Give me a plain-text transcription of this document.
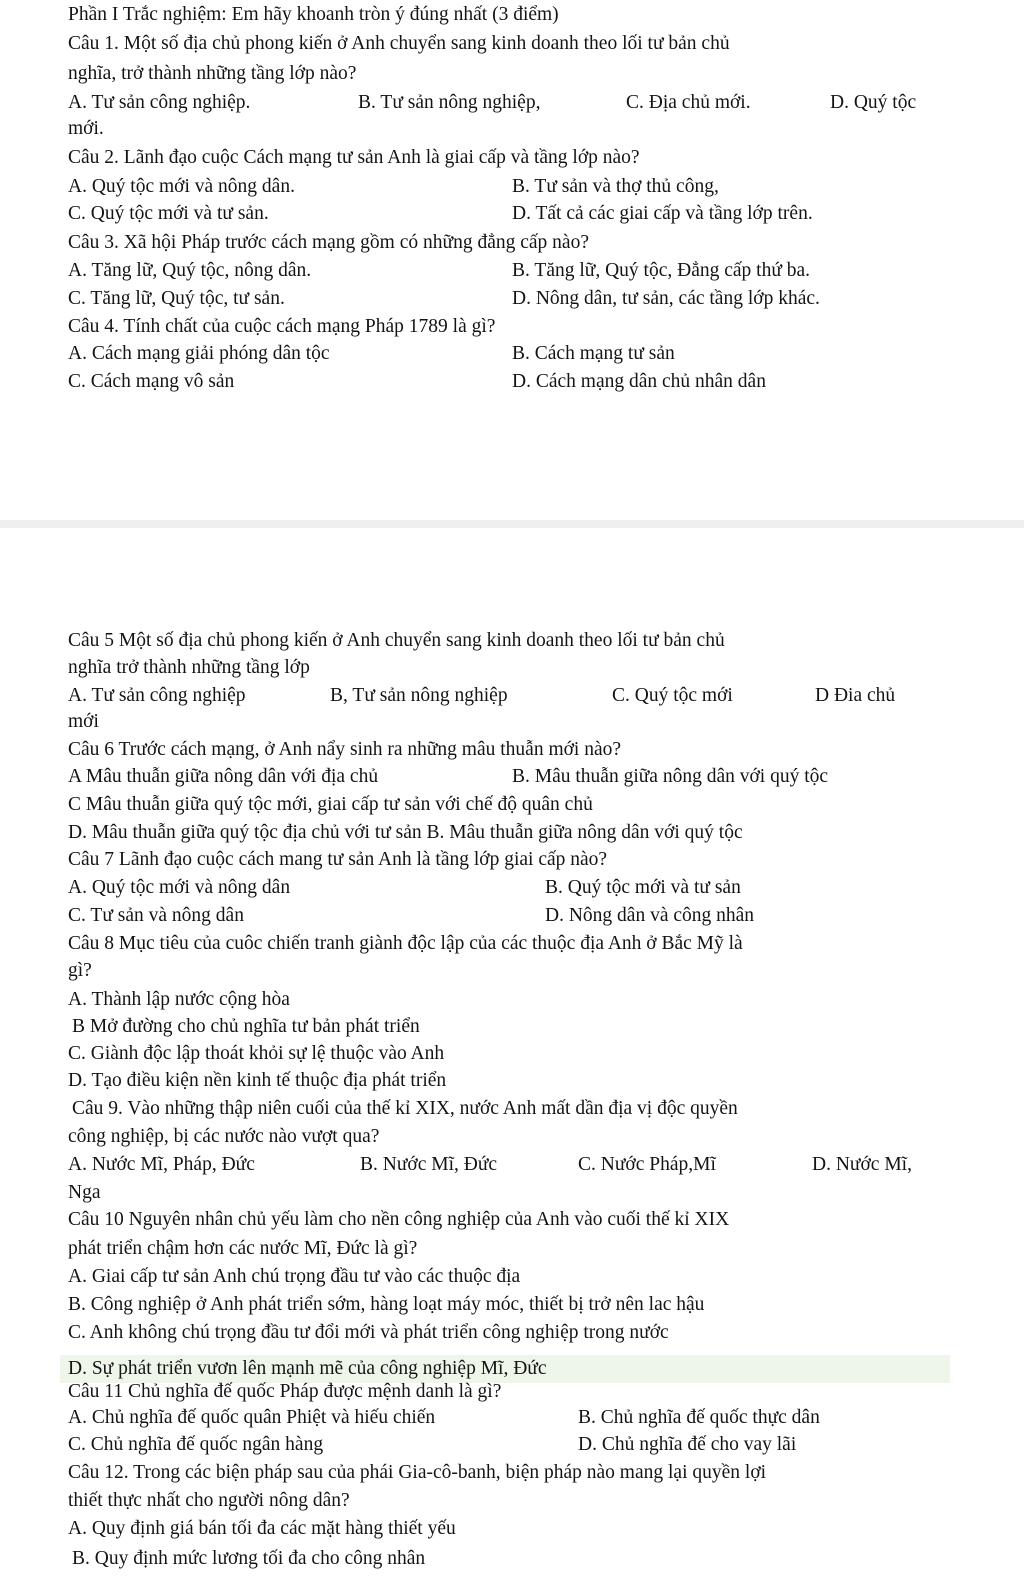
Phần I Trắc nghiệm: Em hãy khoanh tròn ý đúng nhất (3 điểm)
Câu 1. Một số địa chủ phong kiến ở Anh chuyển sang kinh doanh theo lối tư bản chủ
nghĩa, trở thành những tầng lớp nào?
A. Tư sản công nghiệp.	B. Tư sản nông nghiệp,	C. Địa chủ mới.	D. Quý tộc
mới.
Câu 2. Lãnh đạo cuộc Cách mạng tư sản Anh là giai cấp và tầng lớp nào?
A. Quý tộc mới và nông dân.	B. Tư sản và thợ thủ công,
C. Quý tộc mới và tư sản.	D. Tất cả các giai cấp và tầng lớp trên.
Câu 3. Xã hội Pháp trước cách mạng gồm có những đẳng cấp nào?
A. Tăng lữ, Quý tộc, nông dân.	B. Tăng lữ, Quý tộc, Đẳng cấp thứ ba.
C. Tăng lữ, Quý tộc, tư sản.	D. Nông dân, tư sản, các tầng lớp khác.
Câu 4. Tính chất của cuộc cách mạng Pháp 1789 là gì?
A. Cách mạng giải phóng dân tộc	B. Cách mạng tư sản
C. Cách mạng vô sản	D. Cách mạng dân chủ nhân dân
Câu 5 Một số địa chủ phong kiến ở Anh chuyển sang kinh doanh theo lối tư bản chủ
nghĩa trở thành những tầng lớp
A. Tư sản công nghiệp	B, Tư sản nông nghiệp	C. Quý tộc mới	D Đia chủ
mới
Câu 6 Trước cách mạng, ở Anh nẩy sinh ra những mâu thuẫn mới nào?
A Mâu thuẫn giữa nông dân với địa chủ	B. Mâu thuẫn giữa nông dân với quý tộc
C Mâu thuẫn giữa quý tộc mới, giai cấp tư sản với chế độ quân chủ
D. Mâu thuẫn giữa quý tộc địa chủ với tư sản B. Mâu thuẫn giữa nông dân với quý tộc
Câu 7 Lãnh đạo cuộc cách mang tư sản Anh là tầng lớp giai cấp nào?
A. Quý tộc mới và nông dân	B. Quý tộc mới và tư sản
C. Tư sản và nông dân	D. Nông dân và công nhân
Câu 8 Mục tiêu của cuôc chiến tranh giành độc lập của các thuộc địa Anh ở Bắc Mỹ là
gì?
A. Thành lập nước cộng hòa
B Mở đường cho chủ nghĩa tư bản phát triển
C. Giành độc lập thoát khỏi sự lệ thuộc vào Anh
D. Tạo điều kiện nền kinh tế thuộc địa phát triển
Câu 9. Vào những thập niên cuối của thế kỉ XIX, nước Anh mất dần địa vị độc quyền
công nghiệp, bị các nước nào vượt qua?
A. Nước Mĩ, Pháp, Đức	B. Nước Mĩ, Đức	C. Nước Pháp,Mĩ	D. Nước Mĩ,
Nga
Câu 10 Nguyên nhân chủ yếu làm cho nền công nghiệp của Anh vào cuối thế kỉ XIX
phát triển chậm hơn các nước Mĩ, Đức là gì?
A. Giai cấp tư sản Anh chú trọng đầu tư vào các thuộc địa
B. Công nghiệp ở Anh phát triển sớm, hàng loạt máy móc, thiết bị trở nên lac hậu
C. Anh không chú trọng đầu tư đổi mới và phát triển công nghiệp trong nước
D. Sự phát triển vươn lên mạnh mẽ của công nghiệp Mĩ, Đức
Câu 11 Chủ nghĩa đế quốc Pháp được mệnh danh là gì?
A. Chủ nghĩa đế quốc quân Phiệt và hiếu chiến	B. Chủ nghĩa đế quốc thực dân
C. Chủ nghĩa đế quốc ngân hàng	D. Chủ nghĩa đế cho vay lãi
Câu 12. Trong các biện pháp sau của phái Gia-cô-banh, biện pháp nào mang lại quyền lợi
thiết thực nhất cho người nông dân?
A. Quy định giá bán tối đa các mặt hàng thiết yếu
B. Quy định mức lương tối đa cho công nhân
